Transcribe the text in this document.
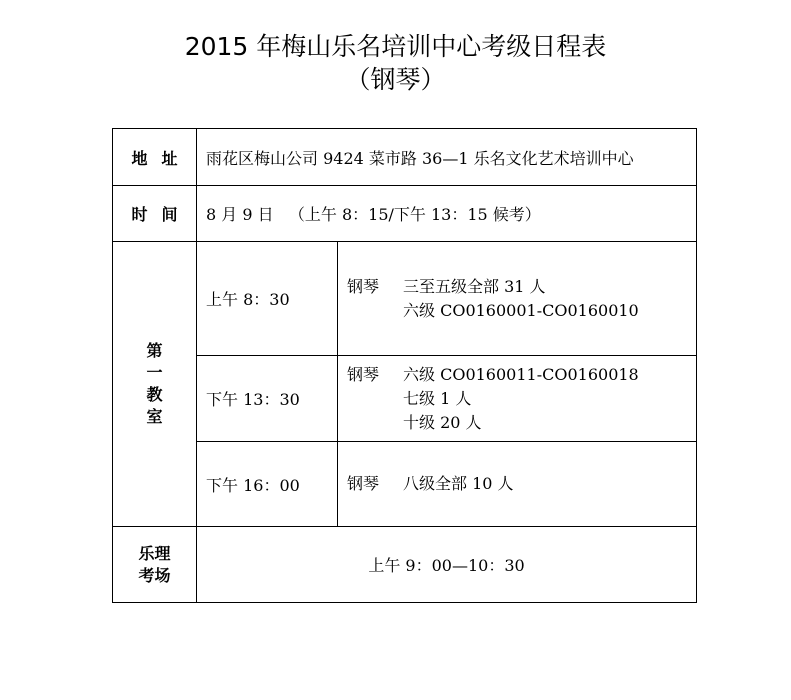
2015 年梅山乐名培训中心考级日程表
（钢琴）
地址	雨花区梅山公司 9424 菜市路 36—1 乐名文化艺术培训中心	
时间	8 月 9 日   （上午 8：15/下午 13：15 候考）	

第
一
教
室	上午 8：30	钢琴 三至五级全部 31 人
六级 CO0160001-CO0160010

	下午 13：30	钢琴 六级 CO0160011-CO0160018
七级 1 人
十级 20 人

	下午 16：00	钢琴 八级全部 10 人

乐理
考场	上午 9：00—10：30	
